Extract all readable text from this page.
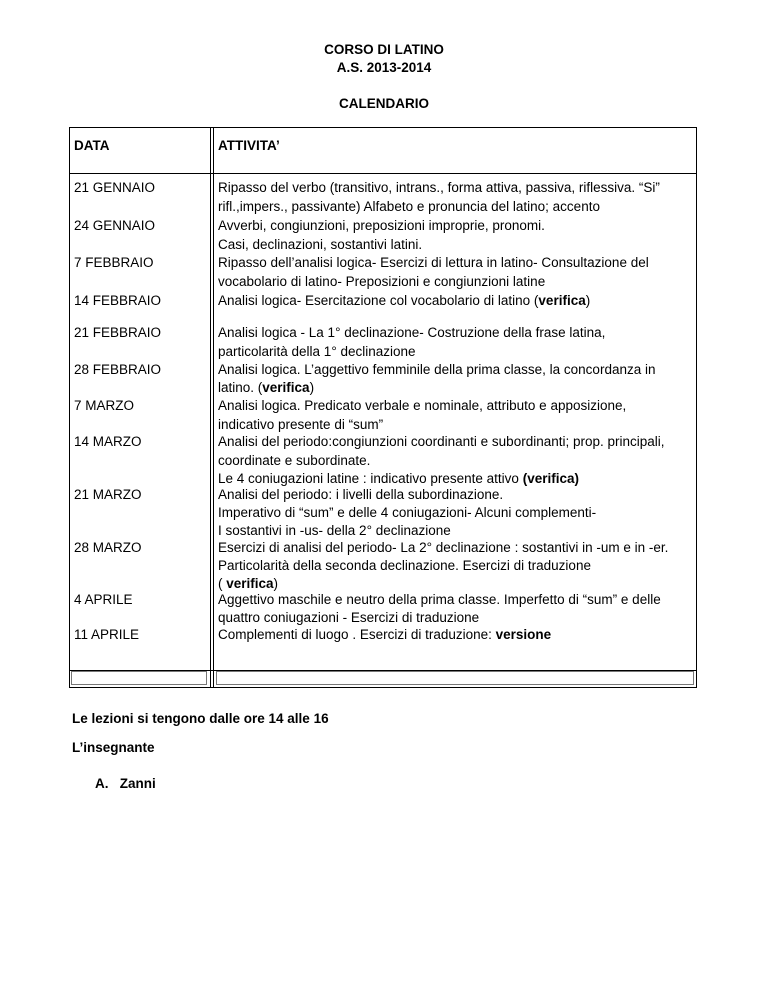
CORSO DI LATINO
A.S. 2013-2014
CALENDARIO
DATA	ATTIVITA’
21 GENNAIO	Ripasso del verbo (transitivo, intrans., forma attiva, passiva, riflessiva. “Si”
rifl.,impers., passivante) Alfabeto e pronuncia del latino; accento
24 GENNAIO	Avverbi, congiunzioni, preposizioni improprie, pronomi.
Casi, declinazioni, sostantivi latini.
7 FEBBRAIO	Ripasso dell’analisi logica- Esercizi di lettura in latino- Consultazione del
vocabolario di latino- Preposizioni e congiunzioni latine
14 FEBBRAIO	Analisi logica- Esercitazione col vocabolario di latino (verifica)
21 FEBBRAIO	Analisi logica - La 1° declinazione- Costruzione della frase latina,
particolarità della 1° declinazione
28 FEBBRAIO	Analisi logica. L’aggettivo femminile della prima classe, la concordanza in
latino. (verifica)
7 MARZO	Analisi logica. Predicato verbale e nominale, attributo e apposizione,
indicativo presente di “sum”
14 MARZO	Analisi del periodo:congiunzioni coordinanti e subordinanti; prop. principali,
coordinate e subordinate.
Le 4 coniugazioni latine : indicativo presente attivo (verifica)
21 MARZO	Analisi del periodo: i livelli della subordinazione.
Imperativo di “sum” e delle 4 coniugazioni- Alcuni complementi-
I sostantivi in -us- della 2° declinazione
28 MARZO	Esercizi di analisi del periodo- La 2° declinazione : sostantivi in -um e in -er.
Particolarità della seconda declinazione. Esercizi di traduzione
( verifica)
4 APRILE	Aggettivo maschile e neutro della prima classe. Imperfetto di “sum” e delle
quattro coniugazioni - Esercizi di traduzione
11 APRILE	Complementi di luogo . Esercizi di traduzione: versione
Le lezioni si tengono dalle ore 14 alle 16
L’insegnante
A.   Zanni
